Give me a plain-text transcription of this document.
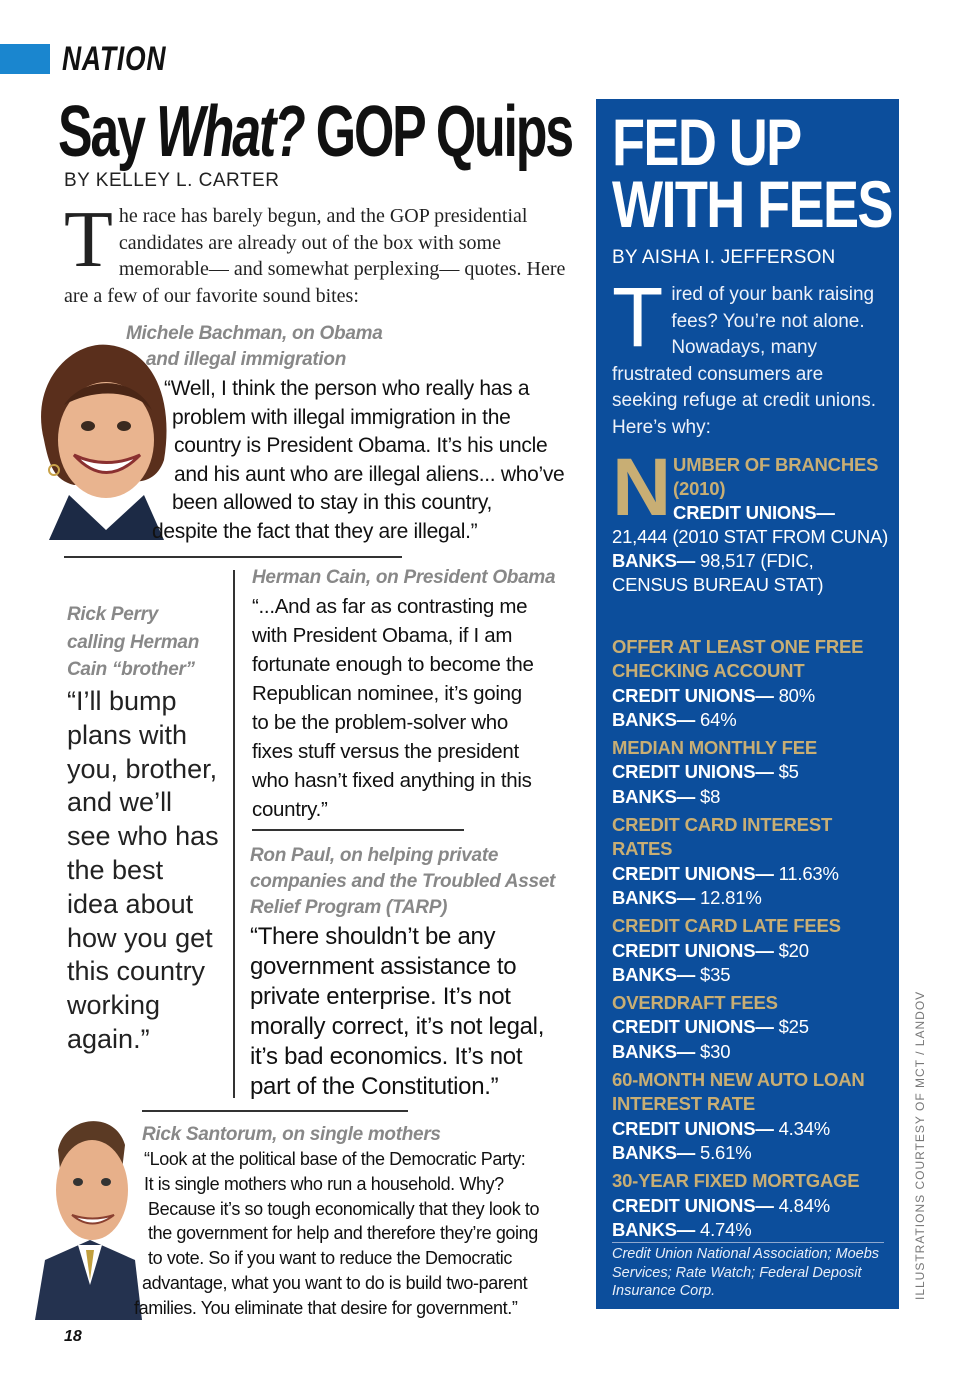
NATION
Say What? GOP Quips
BY KELLEY L. CARTER
T he race has barely begun, and the GOP presidential candidates are already out of the box with some memorable— and somewhat perplexing— quotes. Here are a few of our favorite sound bites:
Michele Bachman, on Obama
and illegal immigration
“Well, I think the person who really has a
problem with illegal immigration in the
country is President Obama. It’s his uncle
and his aunt who are illegal aliens... who’ve
been allowed to stay in this country,
despite the fact that they are illegal.”
Rick Perry
calling Herman
Cain “brother”
“I’ll bump
plans with
you, brother,
and we’ll
see who has
the best
idea about
how you get
this country
working
again.”
Herman Cain, on President Obama
“...And as far as contrasting me
with President Obama, if I am
fortunate enough to become the
Republican nominee, it’s going
to be the problem-solver who
fixes stuff versus the president
who hasn’t fixed anything in this
country.”
Ron Paul, on helping private
companies and the Troubled Asset
Relief Program (TARP)
“There shouldn’t be any
government assistance to
private enterprise. It’s not
morally correct, it’s not legal,
it’s bad economics. It’s not
part of the Constitution.”
Rick Santorum, on single mothers
“Look at the political base of the Democratic Party:
It is single mothers who run a household. Why?
Because it’s so tough economically that they look to
the government for help and therefore they’re going
to vote. So if you want to reduce the Democratic
advantage, what you want to do is build two-parent
families. You eliminate that desire for government.”
FED UP
WITH FEES
BY AISHA I. JEFFERSON
T ired of your bank raising fees? You’re not alone. Nowadays, many frustrated consumers are seeking refuge at credit unions. Here’s why:
N UMBER OF BRANCHES (2010)
CREDIT UNIONS—
21,444 (2010 STAT FROM CUNA)
BANKS— 98,517 (FDIC, CENSUS BUREAU STAT)
OFFER AT LEAST ONE FREE CHECKING ACCOUNT
CREDIT UNIONS— 80%
BANKS— 64%
MEDIAN MONTHLY FEE
CREDIT UNIONS— $5
BANKS— $8
CREDIT CARD INTEREST RATES
CREDIT UNIONS— 11.63%
BANKS— 12.81%
CREDIT CARD LATE FEES
CREDIT UNIONS— $20
BANKS— $35
OVERDRAFT FEES
CREDIT UNIONS— $25
BANKS— $30
60-MONTH NEW AUTO LOAN INTEREST RATE
CREDIT UNIONS— 4.34%
BANKS— 5.61%
30-YEAR FIXED MORTGAGE
CREDIT UNIONS— 4.84%
BANKS— 4.74%
Credit Union National Association; Moebs Services; Rate Watch; Federal Deposit Insurance Corp.	ILLUSTRATIONS COURTESY OF MCT / LANDOV
18
